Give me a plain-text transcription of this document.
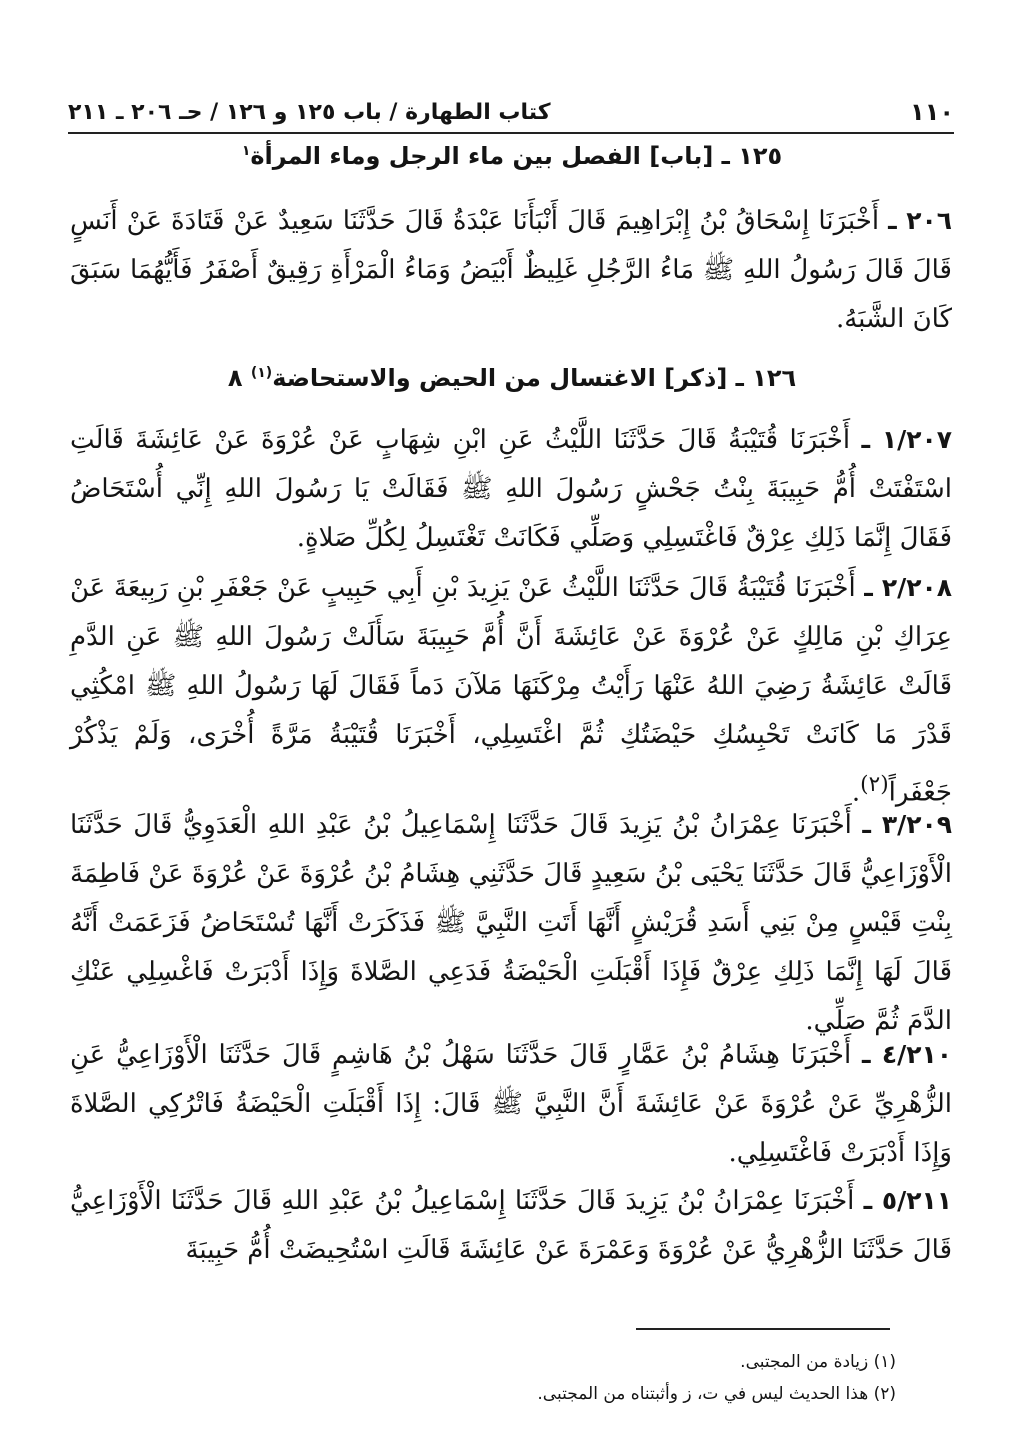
١١٠
كتاب الطهارة / باب ١٢٥ و ١٢٦ / حـ ٢٠٦ ـ ٢١١
١٢٥ ـ [باب] الفصل بين ماء الرجل وماء المرأة$^١$
٢٠٦ ـ أَخْبَرَنَا إِسْحَاقُ بْنُ إِبْرَاهِيمَ قَالَ أَنْبَأَنَا عَبْدَةُ قَالَ حَدَّثَنَا سَعِيدٌ عَنْ قَتَادَةَ عَنْ أَنَسٍ قَالَ قَالَ رَسُولُ اللهِ ﷺ مَاءُ الرَّجُلِ غَلِيظٌ أَبْيَضُ وَمَاءُ الْمَرْأَةِ رَقِيقٌ أَصْفَرُ فَأَيُّهُمَا سَبَقَ كَانَ الشَّبَهُ.
١٢٦ ـ [ذكر] الاغتسال من الحيض والاستحاضة$^{(١)}$ ٨
١/٢٠٧ ـ أَخْبَرَنَا قُتَيْبَةُ قَالَ حَدَّثَنَا اللَّيْثُ عَنِ ابْنِ شِهَابٍ عَنْ عُرْوَةَ عَنْ عَائِشَةَ قَالَتِ اسْتَفْتَتْ أُمُّ حَبِيبَةَ بِنْتُ جَحْشٍ رَسُولَ اللهِ ﷺ فَقَالَتْ يَا رَسُولَ اللهِ إِنِّي أُسْتَحَاضُ فَقَالَ إِنَّمَا ذَلِكِ عِرْقٌ فَاغْتَسِلِي وَصَلِّي فَكَانَتْ تَغْتَسِلُ لِكُلِّ صَلاةٍ.
٢/٢٠٨ ـ أَخْبَرَنَا قُتَيْبَةُ قَالَ حَدَّثَنَا اللَّيْثُ عَنْ يَزِيدَ بْنِ أَبِي حَبِيبٍ عَنْ جَعْفَرِ بْنِ رَبِيعَةَ عَنْ عِرَاكِ بْنِ مَالِكٍ عَنْ عُرْوَةَ عَنْ عَائِشَةَ أَنَّ أُمَّ حَبِيبَةَ سَأَلَتْ رَسُولَ اللهِ ﷺ عَنِ الدَّمِ قَالَتْ عَائِشَةُ رَضِيَ اللهُ عَنْهَا رَأَيْتُ مِرْكَنَهَا مَلآنَ دَماً فَقَالَ لَهَا رَسُولُ اللهِ ﷺ امْكُثِي قَدْرَ مَا كَانَتْ تَحْبِسُكِ حَيْضَتُكِ ثُمَّ اغْتَسِلِي، أَخْبَرَنَا قُتَيْبَةُ مَرَّةً أُخْرَى، وَلَمْ يَذْكُرْ جَعْفَراً$^{(٢)}$.
٣/٢٠٩ ـ أَخْبَرَنَا عِمْرَانُ بْنُ يَزِيدَ قَالَ حَدَّثَنَا إِسْمَاعِيلُ بْنُ عَبْدِ اللهِ الْعَدَوِيُّ قَالَ حَدَّثَنَا الْأَوْزَاعِيُّ قَالَ حَدَّثَنَا يَحْيَى بْنُ سَعِيدٍ قَالَ حَدَّثَنِي هِشَامُ بْنُ عُرْوَةَ عَنْ عُرْوَةَ عَنْ فَاطِمَةَ بِنْتِ قَيْسٍ مِنْ بَنِي أَسَدِ قُرَيْشٍ أَنَّهَا أَتَتِ النَّبِيَّ ﷺ فَذَكَرَتْ أَنَّهَا تُسْتَحَاضُ فَزَعَمَتْ أَنَّهُ قَالَ لَهَا إِنَّمَا ذَلِكِ عِرْقٌ فَإِذَا أَقْبَلَتِ الْحَيْضَةُ فَدَعِي الصَّلاةَ وَإِذَا أَدْبَرَتْ فَاغْسِلِي عَنْكِ الدَّمَ ثُمَّ صَلِّي.
٤/٢١٠ ـ أَخْبَرَنَا هِشَامُ بْنُ عَمَّارٍ قَالَ حَدَّثَنَا سَهْلُ بْنُ هَاشِمٍ قَالَ حَدَّثَنَا الْأَوْزَاعِيُّ عَنِ الزُّهْرِيِّ عَنْ عُرْوَةَ عَنْ عَائِشَةَ أَنَّ النَّبِيَّ ﷺ قَالَ: إِذَا أَقْبَلَتِ الْحَيْضَةُ فَاتْرُكِي الصَّلاةَ وَإِذَا أَدْبَرَتْ فَاغْتَسِلِي.
٥/٢١١ ـ أَخْبَرَنَا عِمْرَانُ بْنُ يَزِيدَ قَالَ حَدَّثَنَا إِسْمَاعِيلُ بْنُ عَبْدِ اللهِ قَالَ حَدَّثَنَا الْأَوْزَاعِيُّ قَالَ حَدَّثَنَا الزُّهْرِيُّ عَنْ عُرْوَةَ وَعَمْرَةَ عَنْ عَائِشَةَ قَالَتِ اسْتُحِيضَتْ أُمُّ حَبِيبَةَ
(١) زيادة من المجتبى.
(٢) هذا الحديث ليس في ت، ز وأثبتناه من المجتبى.
